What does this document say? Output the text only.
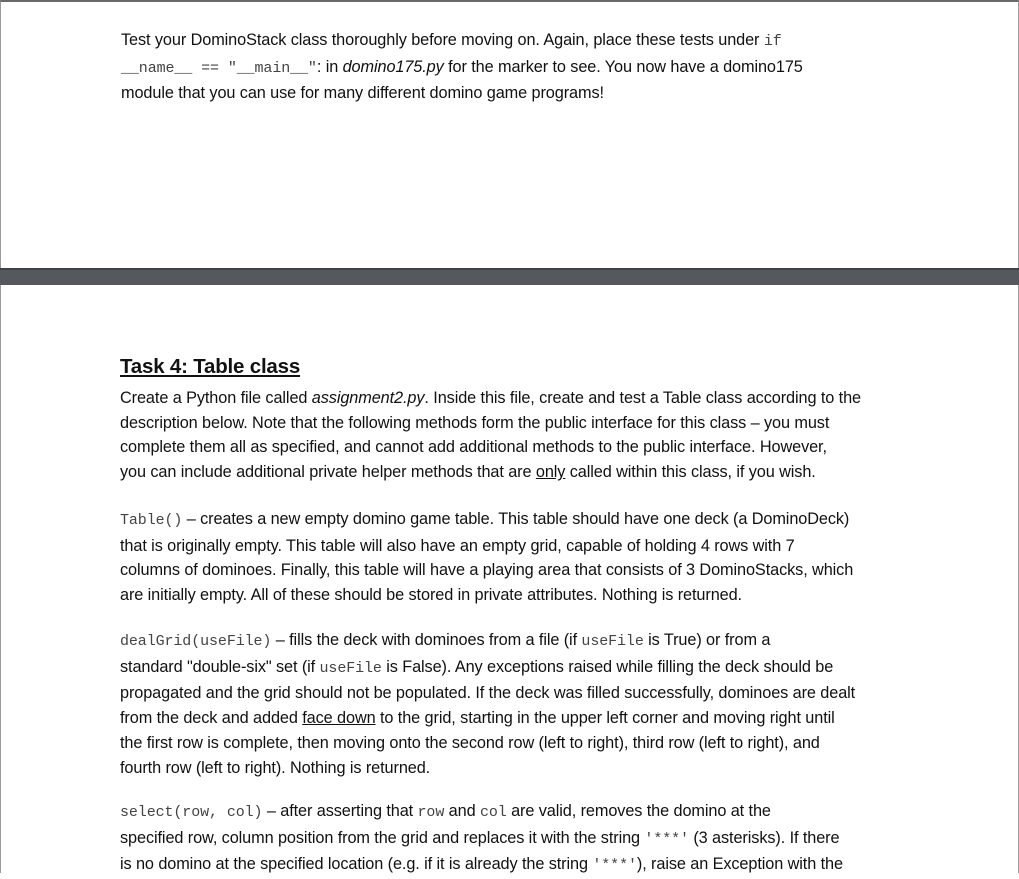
Test your DominoStack class thoroughly before moving on. Again, place these tests under if
__name__ == "__main__": in domino175.py for the marker to see. You now have a domino175
module that you can use for many different domino game programs!
Task 4: Table class
Create a Python file called assignment2.py. Inside this file, create and test a Table class according to the
description below. Note that the following methods form the public interface for this class – you must
complete them all as specified, and cannot add additional methods to the public interface. However,
you can include additional private helper methods that are only called within this class, if you wish.
Table() – creates a new empty domino game table. This table should have one deck (a DominoDeck)
that is originally empty. This table will also have an empty grid, capable of holding 4 rows with 7
columns of dominoes. Finally, this table will have a playing area that consists of 3 DominoStacks, which
are initially empty. All of these should be stored in private attributes. Nothing is returned.
dealGrid(useFile) – fills the deck with dominoes from a file (if useFile is True) or from a
standard "double-six" set (if useFile is False). Any exceptions raised while filling the deck should be
propagated and the grid should not be populated. If the deck was filled successfully, dominoes are dealt
from the deck and added face down to the grid, starting in the upper left corner and moving right until
the first row is complete, then moving onto the second row (left to right), third row (left to right), and
fourth row (left to right). Nothing is returned.
select(row, col) – after asserting that row and col are valid, removes the domino at the
specified row, column position from the grid and replaces it with the string '***' (3 asterisks). If there
is no domino at the specified location (e.g. if it is already the string '***'), raise an Exception with the
